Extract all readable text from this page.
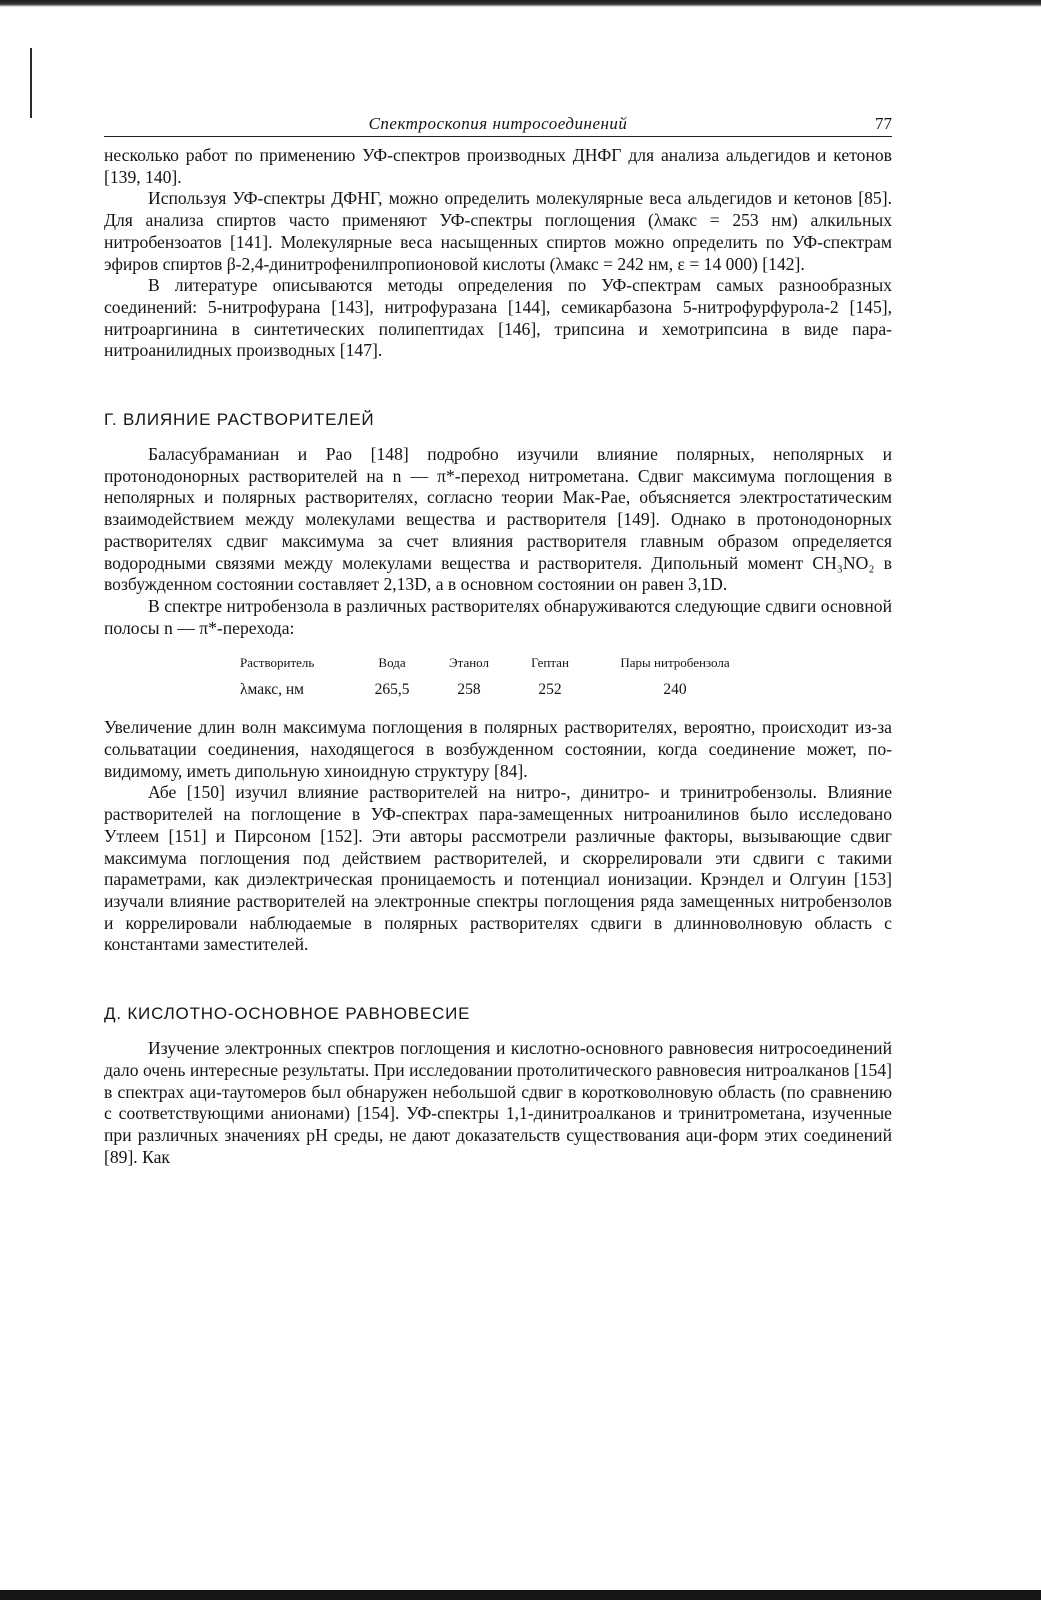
Спектроскопия нитросоединений	77

несколько работ по применению УФ-спектров производных ДНФГ для анализа альдегидов и кетонов [139, 140].

Используя УФ-спектры ДФНГ, можно определить молекулярные веса альдегидов и кетонов [85]. Для анализа спиртов часто применяют УФ-спектры поглощения (λмакс = 253 нм) алкильных нитробензоатов [141]. Молекулярные веса насыщенных спиртов можно определить по УФ-спектрам эфиров спиртов β-2,4-динитрофенилпропионовой кислоты (λмакс = 242 нм, ε = 14 000) [142].

В литературе описываются методы определения по УФ-спектрам самых разнообразных соединений: 5-нитрофурана [143], нитрофуразана [144], семикарбазона 5-нитрофурфурола-2 [145], нитроаргинина в синтетических полипептидах [146], трипсина и хемотрипсина в виде пара-нитроанилидных производных [147].

Г. ВЛИЯНИЕ РАСТВОРИТЕЛЕЙ

Баласубраманиан и Рао [148] подробно изучили влияние полярных, неполярных и протонодонорных растворителей на n — π*-переход нитрометана. Сдвиг максимума поглощения в неполярных и полярных растворителях, согласно теории Мак-Рае, объясняется электростатическим взаимодействием между молекулами вещества и растворителя [149]. Однако в протонодонорных растворителях сдвиг максимума за счет влияния растворителя главным образом определяется водородными связями между молекулами вещества и растворителя. Дипольный момент CH₃NO₂ в возбужденном состоянии составляет 2,13D, а в основном состоянии он равен 3,1D.

В спектре нитробензола в различных растворителях обнаруживаются следующие сдвиги основной полосы n — π*-перехода:

Растворитель	Вода	Этанол	Гептан	Пары нитробензола
λмакс, нм	265,5	258	252	240

Увеличение длин волн максимума поглощения в полярных растворителях, вероятно, происходит из-за сольватации соединения, находящегося в возбужденном состоянии, когда соединение может, по-видимому, иметь дипольную хиноидную структуру [84].

Абе [150] изучил влияние растворителей на нитро-, динитро- и тринитробензолы. Влияние растворителей на поглощение в УФ-спектрах пара-замещенных нитроанилинов было исследовано Утлеем [151] и Пирсоном [152]. Эти авторы рассмотрели различные факторы, вызывающие сдвиг максимума поглощения под действием растворителей, и скоррелировали эти сдвиги с такими параметрами, как диэлектрическая проницаемость и потенциал ионизации. Крэндел и Олгуин [153] изучали влияние растворителей на электронные спектры поглощения ряда замещенных нитробензолов и коррелировали наблюдаемые в полярных растворителях сдвиги в длинноволновую область с константами заместителей.

Д. КИСЛОТНО-ОСНОВНОЕ РАВНОВЕСИЕ

Изучение электронных спектров поглощения и кислотно-основного равновесия нитросоединений дало очень интересные результаты. При исследовании протолитического равновесия нитроалканов [154] в спектрах аци-таутомеров был обнаружен небольшой сдвиг в коротковолновую область (по сравнению с соответствующими анионами) [154]. УФ-спектры 1,1-динитроалканов и тринитрометана, изученные при различных значениях pH среды, не дают доказательств существования аци-форм этих соединений [89]. Как
